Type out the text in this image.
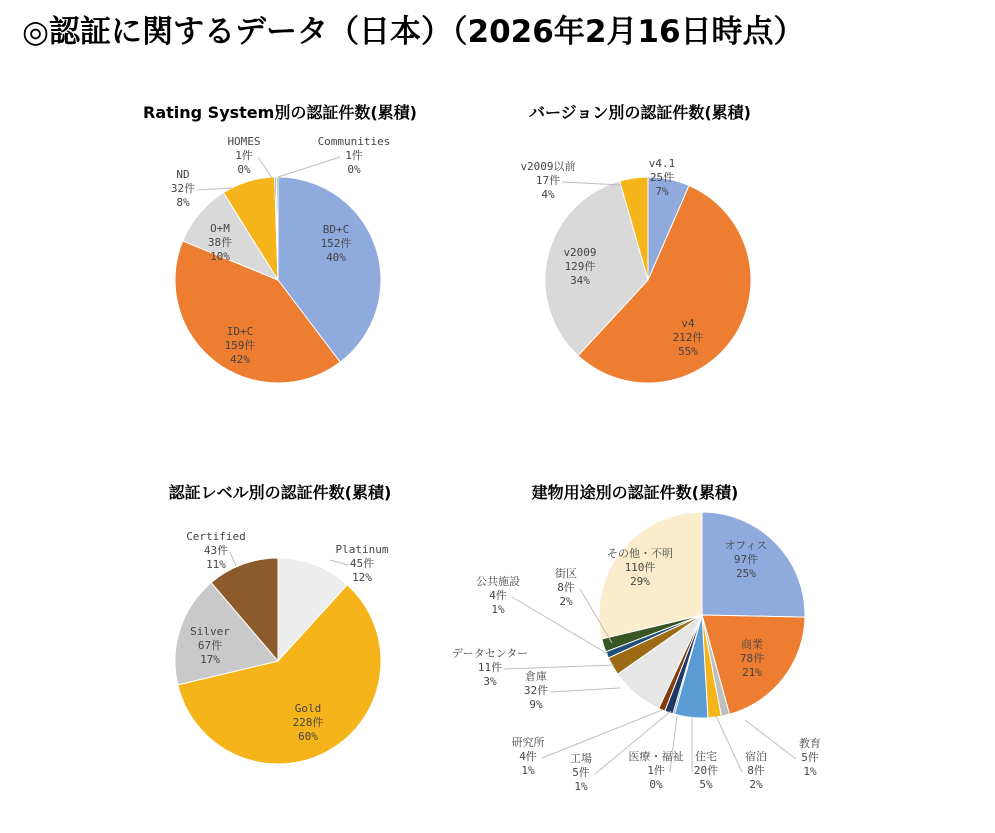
◎認証に関するデータ（日本）（2026年2月16日時点）
Rating System別の認証件数(累積)	バージョン別の認証件数(累積)
認証レベル別の認証件数(累積)	建物用途別の認証件数(累積)
BD+C
152件
40%
ID+C
159件
42%
O+M
38件
10%
ND
32件
8%
HOMES
1件
0%
Communities
1件
0%	v4.1
25件
7%
v4
212件
55%
v2009
129件
34%
v2009以前
17件
4%
Platinum
45件
12%
Gold
228件
60%
Silver
67件
17%
Certified
43件
11%
オフィス
97件
25%
商業
78件
21%
教育
5件
1%
宿泊
8件
2%
住宅
20件
5%
医療・福祉
1件
0%
工場
5件
1%
研究所
4件
1%
倉庫
32件
9%
データセンター
11件
3%
公共施設
4件
1%
街区
8件
2%
その他・不明
110件
29%
